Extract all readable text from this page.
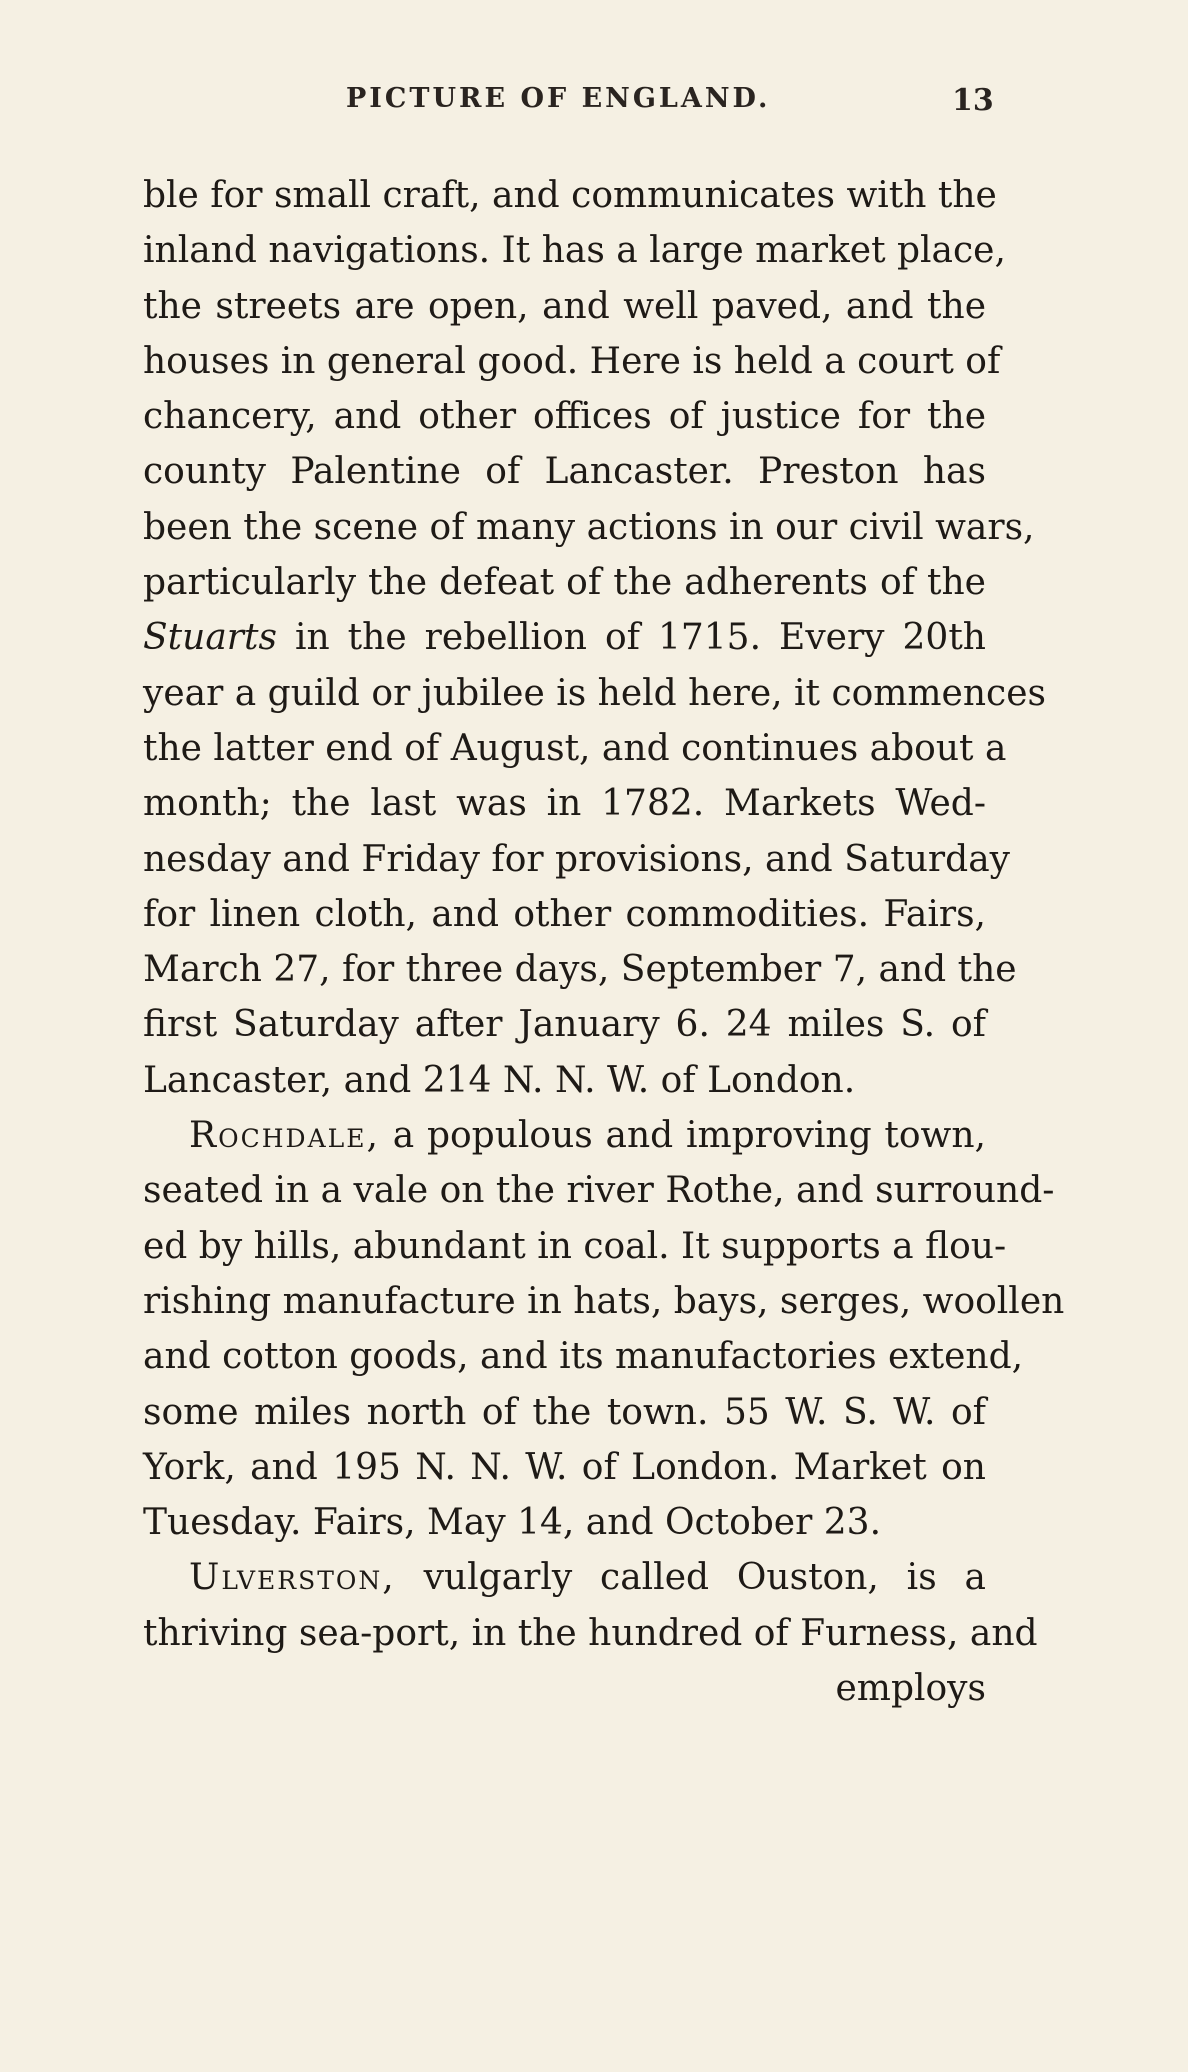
PICTURE OF ENGLAND.	13
ble for small craft, and communicates with the
inland navigations. It has a large market place,
the streets are open, and well paved, and the
houses in general good. Here is held a court of
chancery, and other offices of justice for the
county Palentine of Lancaster. Preston has
been the scene of many actions in our civil wars,
particularly the defeat of the adherents of the
Stuarts in the rebellion of 1715. Every 20th
year a guild or jubilee is held here, it commences
the latter end of August, and continues about a
month; the last was in 1782. Markets Wed-
nesday and Friday for provisions, and Saturday
for linen cloth, and other commodities. Fairs,
March 27, for three days, September 7, and the
first Saturday after January 6. 24 miles S. of
Lancaster, and 214 N. N. W. of London.
Rochdale, a populous and improving town,
seated in a vale on the river Rothe, and surround-
ed by hills, abundant in coal. It supports a flou-
rishing manufacture in hats, bays, serges, woollen
and cotton goods, and its manufactories extend,
some miles north of the town. 55 W. S. W. of
York, and 195 N. N. W. of London. Market on
Tuesday. Fairs, May 14, and October 23.
Ulverston, vulgarly called Ouston, is a
thriving sea-port, in the hundred of Furness, and
employs
